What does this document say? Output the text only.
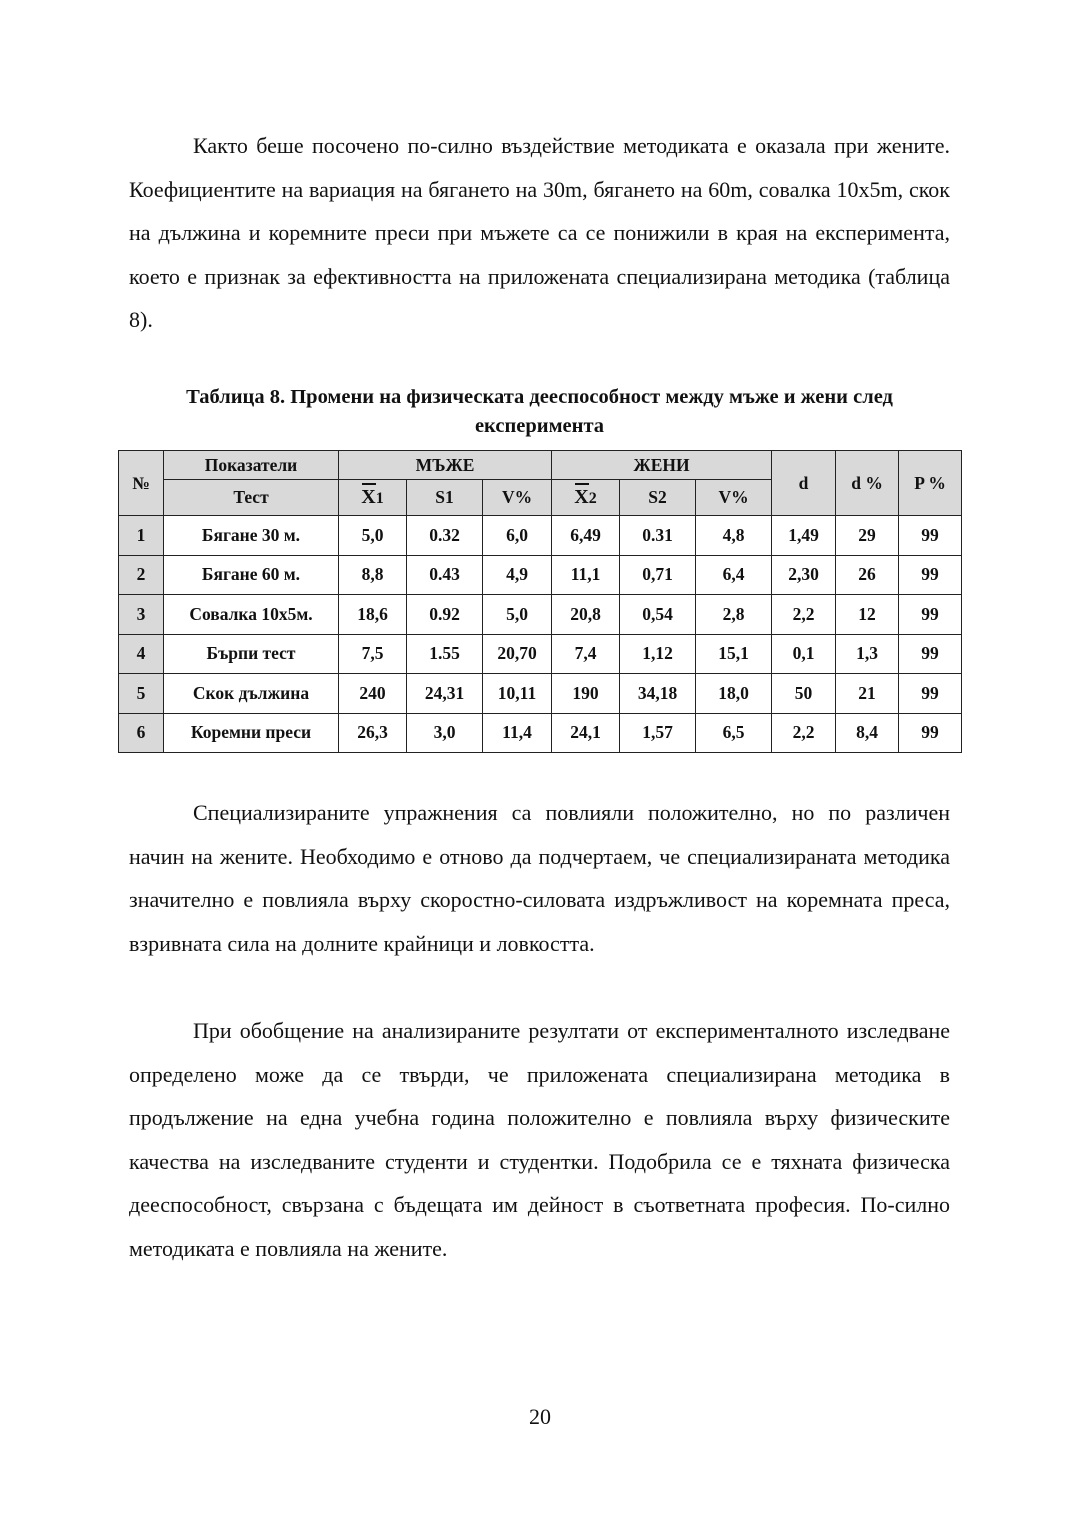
Както беше посочено по-силно въздействие методиката е оказала при жените. Коефициентите на вариация на бягането на 30m, бягането на 60m, совалка 10x5m, скок на дължина и коремните преси при мъжете са се понижили в края на експеримента, което е признак за ефективността на приложената специализирана методика (таблица 8).

Таблица 8. Промени на физическата дееспособност между мъже и жени след експеримента

№	Показатели	МЪЖЕ			ЖЕНИ			d	d %	P %
	Тест	X1	S1	V%	X2	S2	V%			
1	Бягане 30 м.	5,0	0.32	6,0	6,49	0.31	4,8	1,49	29	99
2	Бягане 60 м.	8,8	0.43	4,9	11,1	0,71	6,4	2,30	26	99
3	Совалка 10x5м.	18,6	0.92	5,0	20,8	0,54	2,8	2,2	12	99
4	Бърпи тест	7,5	1.55	20,70	7,4	1,12	15,1	0,1	1,3	99
5	Скок дължина	240	24,31	10,11	190	34,18	18,0	50	21	99
6	Коремни преси	26,3	3,0	11,4	24,1	1,57	6,5	2,2	8,4	99

Специализираните упражнения са повлияли положително, но по различен начин на жените. Необходимо е отново да подчертаем, че специализираната методика значително е повлияла върху скоростно-силовата издръжливост на коремната преса, взривната сила на долните крайници и ловкостта.

При обобщение на анализираните резултати от експерименталното изследване определено може да се твърди, че приложената специализирана методика в продължение на една учебна година положително е повлияла върху физическите качества на изследваните студенти и студентки. Подобрила се е тяхната физическа дееспособност, свързана с бъдещата им дейност в съответната професия. По-силно методиката е повлияла на жените.

20
